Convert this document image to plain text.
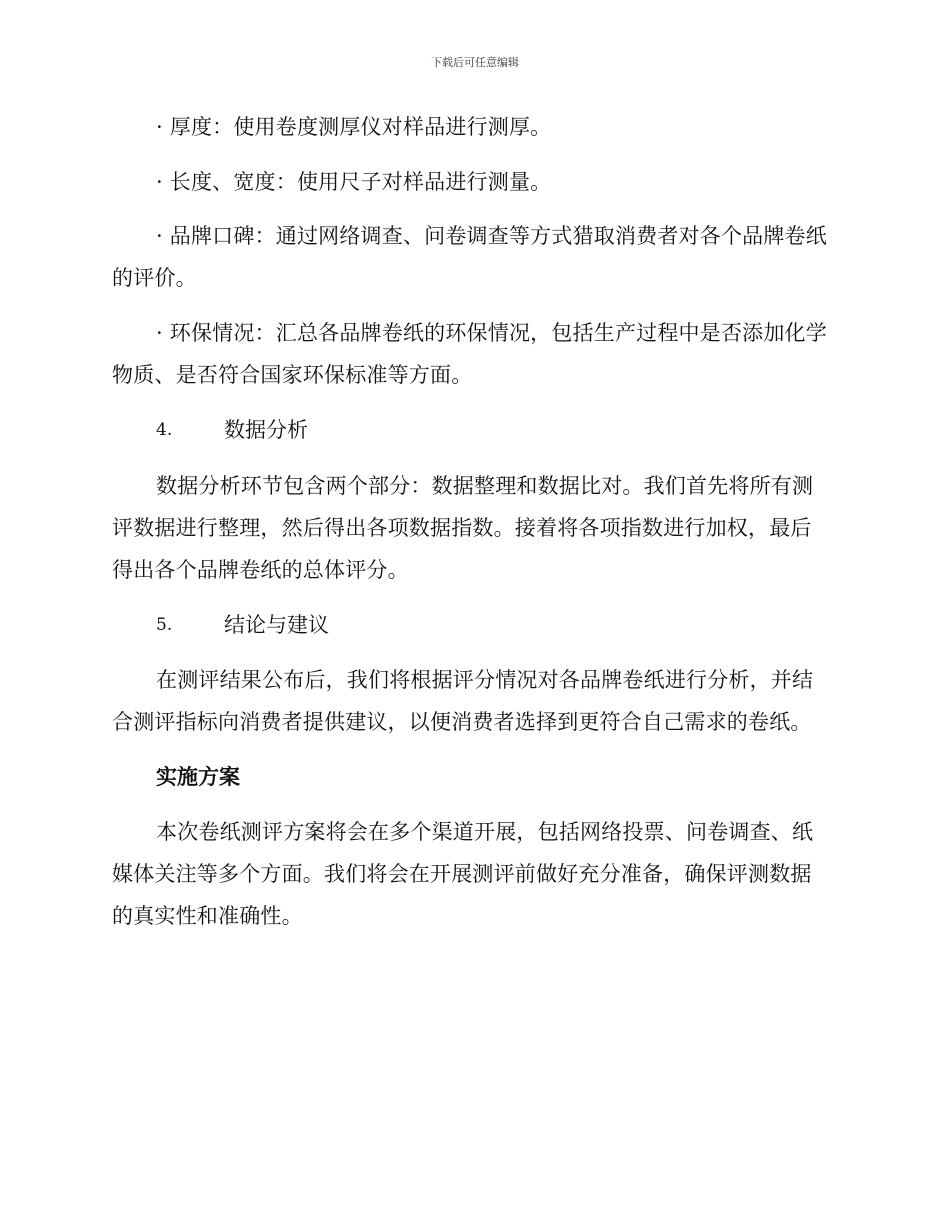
下载后可任意编辑

· 厚度：使用卷度测厚仪对样品进行测厚。

· 长度、宽度：使用尺子对样品进行测量。

· 品牌口碑：通过网络调查、问卷调查等方式猎取消费者对各个品牌卷纸的评价。

· 环保情况：汇总各品牌卷纸的环保情况，包括生产过程中是否添加化学物质、是否符合国家环保标准等方面。

4.	数据分析

数据分析环节包含两个部分：数据整理和数据比对。我们首先将所有测评数据进行整理，然后得出各项数据指数。接着将各项指数进行加权，最后得出各个品牌卷纸的总体评分。

5.	结论与建议

在测评结果公布后，我们将根据评分情况对各品牌卷纸进行分析，并结合测评指标向消费者提供建议，以便消费者选择到更符合自己需求的卷纸。

实施方案

本次卷纸测评方案将会在多个渠道开展，包括网络投票、问卷调查、纸媒体关注等多个方面。我们将会在开展测评前做好充分准备，确保评测数据的真实性和准确性。
